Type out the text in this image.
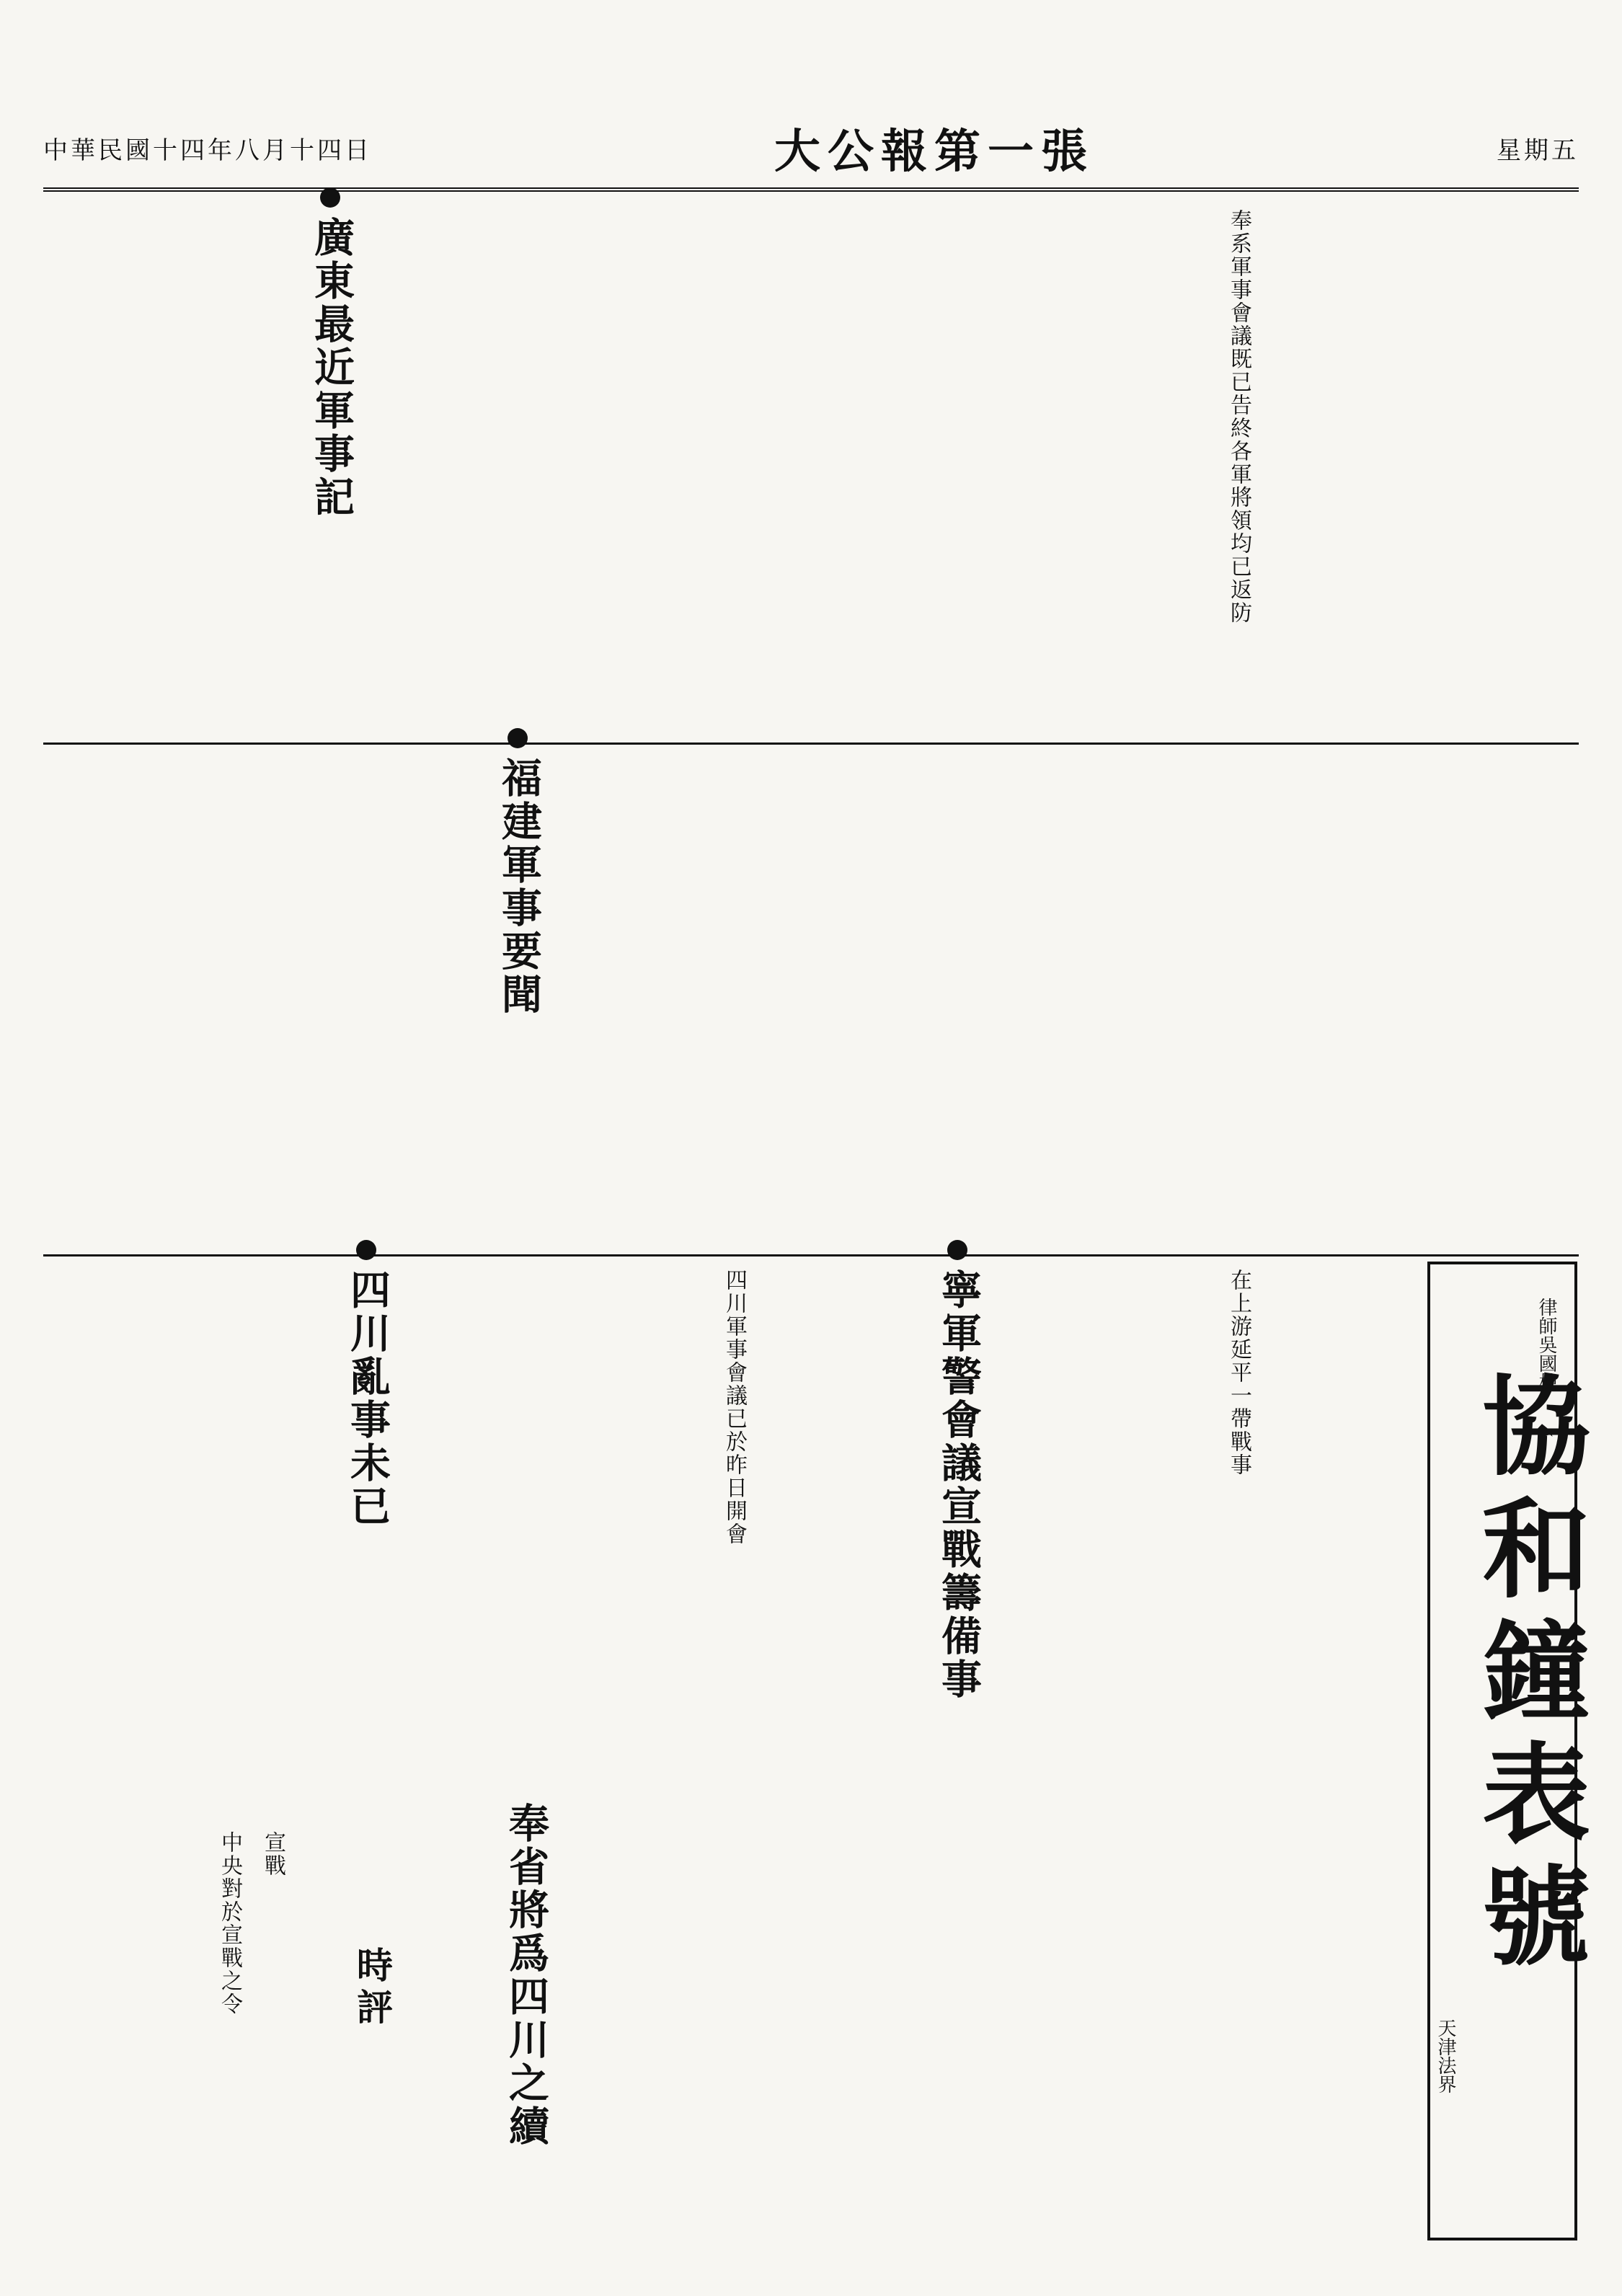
中華民國十四年八月十四日	大公報第一張	星期五
協和鐘表號
律師吳國棟
天津法界
寧軍警會議宣戰籌備事
四川亂事未已
福建軍事要聞
廣東最近軍事記
奉省將爲四川之續
時評
奉系軍事會議既已告終各軍將領均已返防
在上游延平一帶戰事
四川軍事會議已於昨日開會
宣戰
中央對於宣戰之令
